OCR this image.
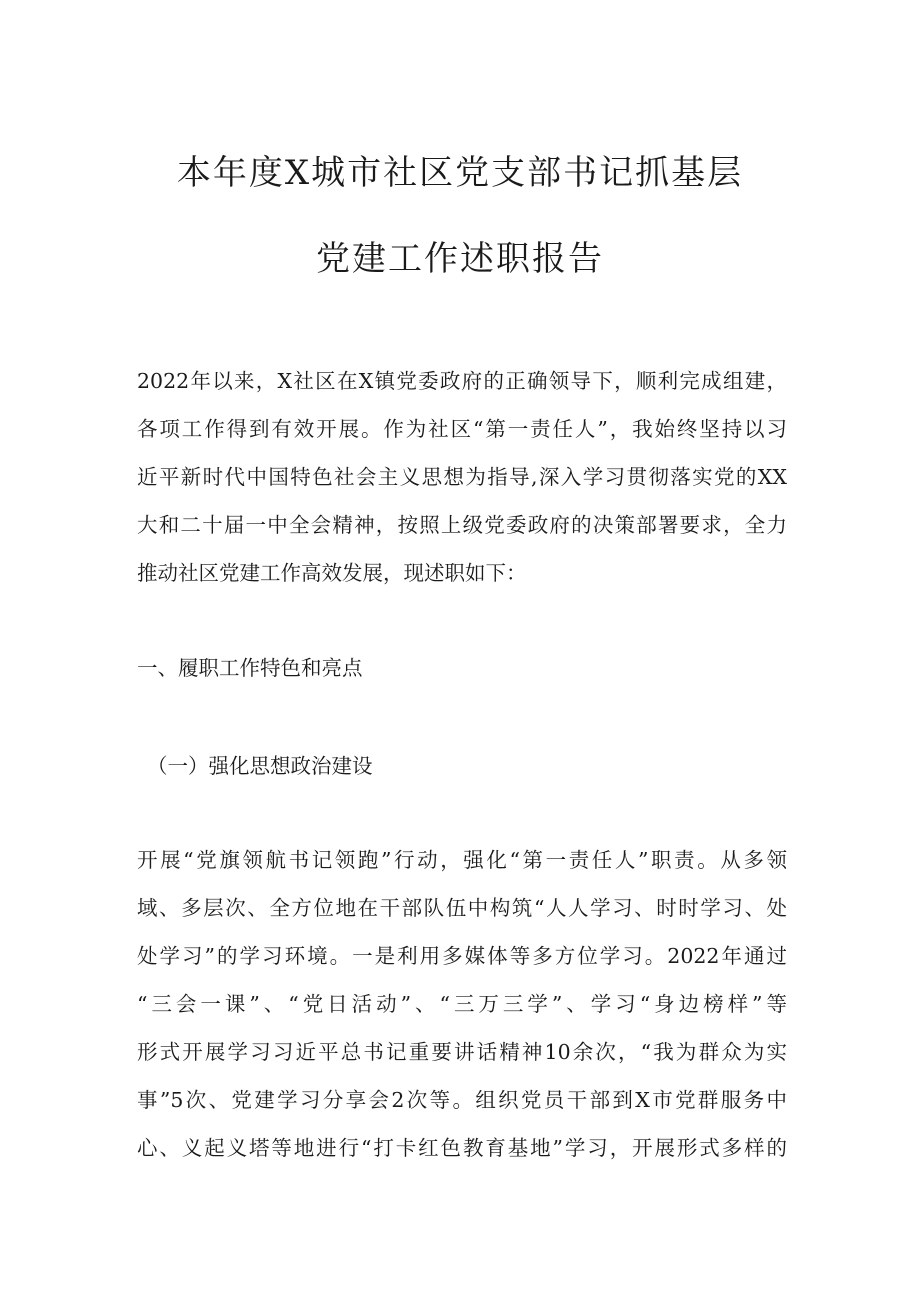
本年度X城市社区党支部书记抓基层
党建工作述职报告

2022年以来，X社区在X镇党委政府的正确领导下，顺利完成组建，

各项工作得到有效开展。作为社区“第一责任人”，我始终坚持以习

近平新时代中国特色社会主义思想为指导,深入学习贯彻落实党的XX

大和二十届一中全会精神，按照上级党委政府的决策部署要求，全力

推动社区党建工作高效发展，现述职如下：

一、履职工作特色和亮点

（一）强化思想政治建设

开展“党旗领航书记领跑”行动，强化“第一责任人”职责。从多领

域、多层次、全方位地在干部队伍中构筑“人人学习、时时学习、处

处学习”的学习环境。一是利用多媒体等多方位学习。2022年通过

“三会一课”、“党日活动”、“三万三学”、学习“身边榜样”等

形式开展学习习近平总书记重要讲话精神10余次，“我为群众为实

事”5次、党建学习分享会2次等。组织党员干部到X市党群服务中

心、义起义塔等地进行“打卡红色教育基地”学习，开展形式多样的
